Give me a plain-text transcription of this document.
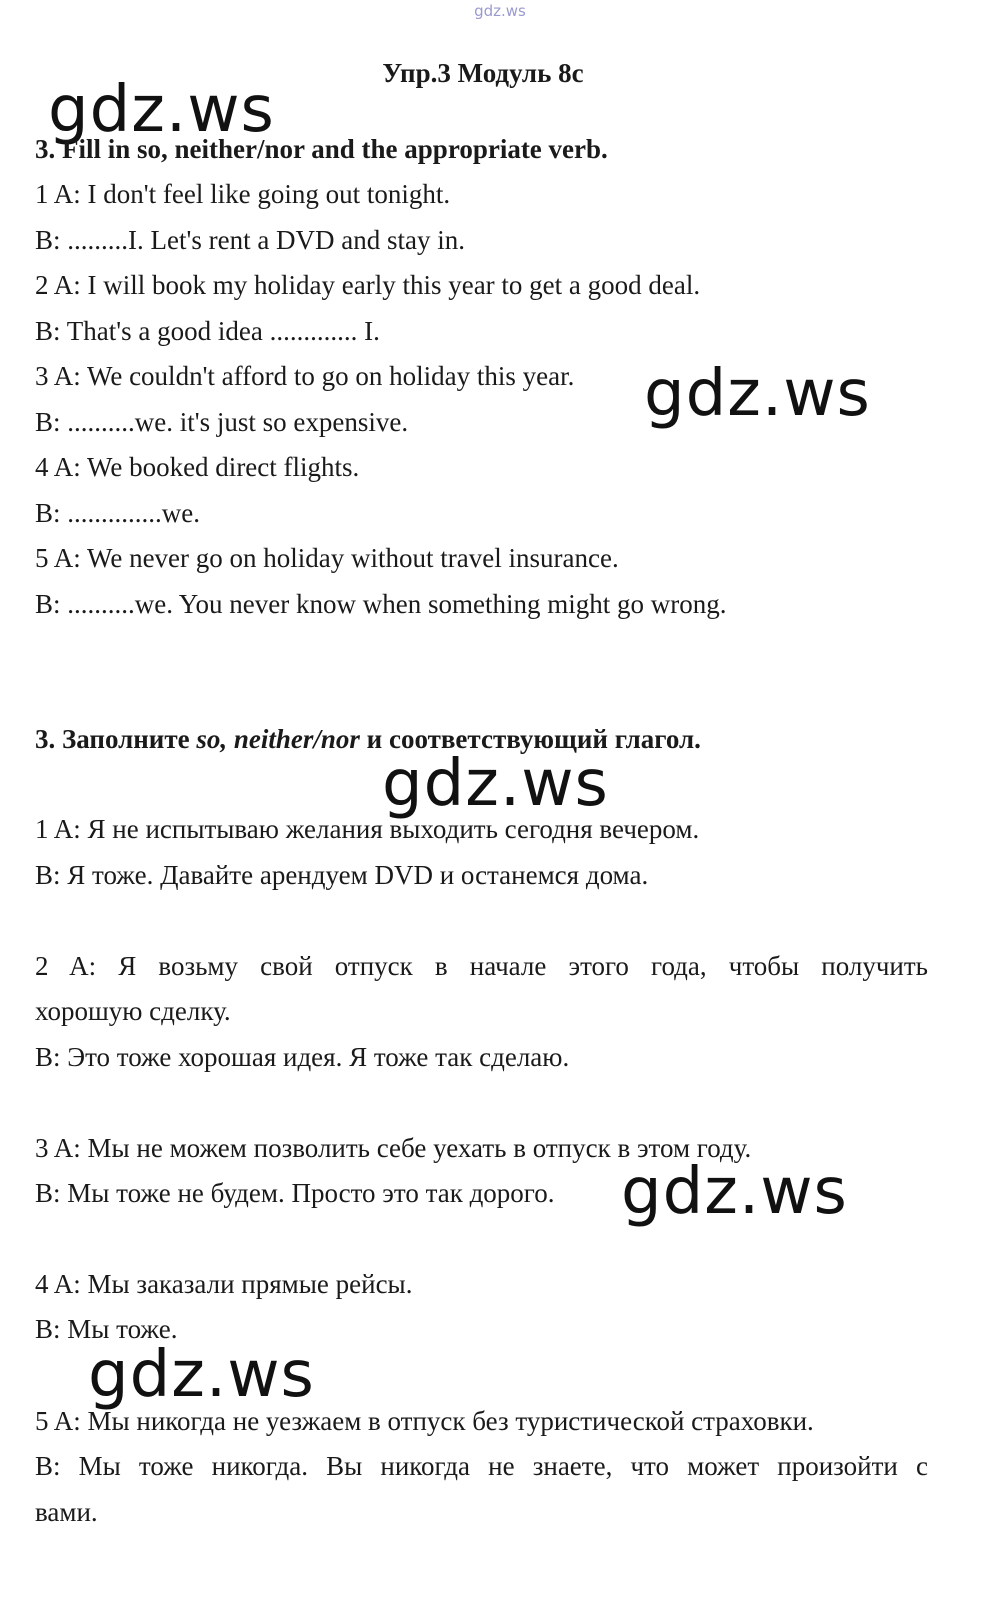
gdz.ws
Упр.3 Модуль 8с
gdz.ws
gdz.ws
gdz.ws
gdz.ws
gdz.ws
3. Fill in so, neither/nor and the appropriate verb.
1 A: I don't feel like going out tonight.
B: .........I. Let's rent a DVD and stay in.
2 A: I will book my holiday early this year to get a good deal.
B: That's a good idea ............. I.
3 A: We couldn't afford to go on holiday this year.
B: ..........we. it's just so expensive.
4 A: We booked direct flights.
B: ..............we.
5 A: We never go on holiday without travel insurance.
B: ..........we. You never know when something might go wrong.
3. Заполните so, neither/nor и соответствующий глагол.
1 A: Я не испытываю желания выходить сегодня вечером.
B: Я тоже. Давайте арендуем DVD и останемся дома.
2 A: Я возьму свой отпуск в начале этого года, чтобы получить
хорошую сделку.
B: Это тоже хорошая идея. Я тоже так сделаю.
3 A: Мы не можем позволить себе уехать в отпуск в этом году.
B: Мы тоже не будем. Просто это так дорого.
4 A: Мы заказали прямые рейсы.
B: Мы тоже.
5 A: Мы никогда не уезжаем в отпуск без туристической страховки.
B: Мы тоже никогда. Вы никогда не знаете, что может произойти с
вами.
